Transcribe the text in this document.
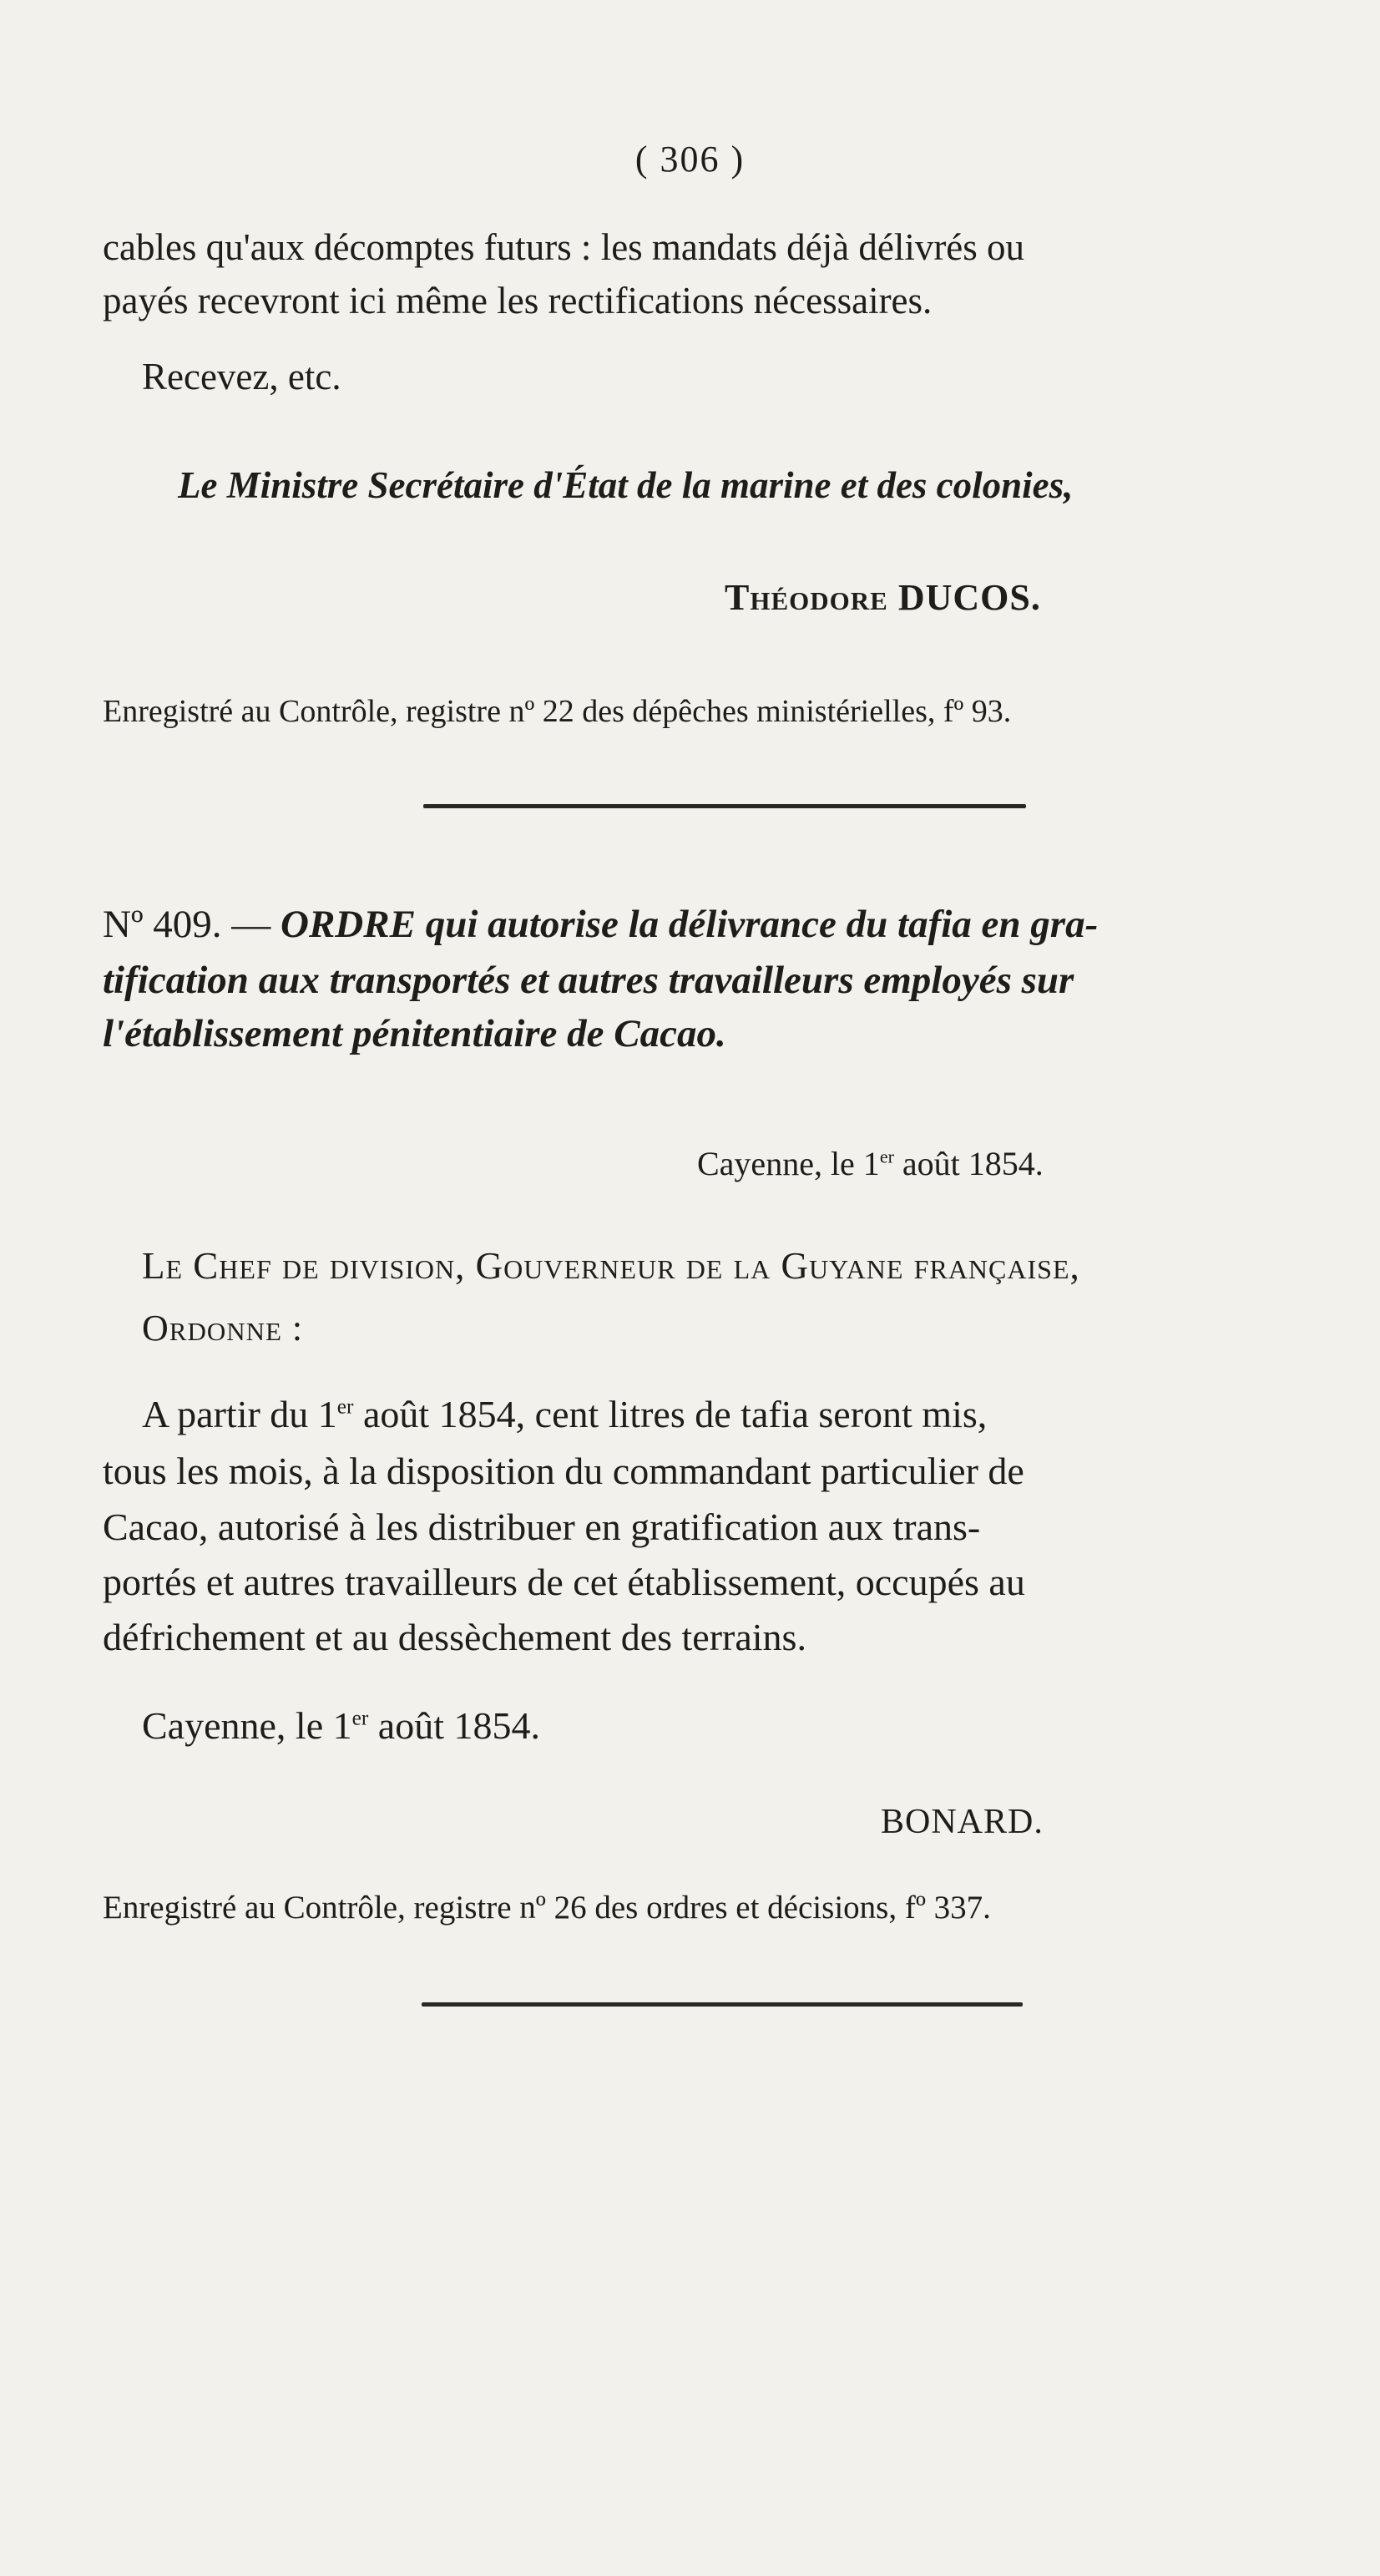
( 306 )
cables qu'aux décomptes futurs : les mandats déjà délivrés ou
payés recevront ici même les rectifications nécessaires.
Recevez, etc.
Le Ministre Secrétaire d'État de la marine et des colonies,
Théodore DUCOS.
Enregistré au Contrôle, registre nº 22 des dépêches ministérielles, fº 93.
Nº 409. — ORDRE qui autorise la délivrance du tafia en gra-
tification aux transportés et autres travailleurs employés sur
l'établissement pénitentiaire de Cacao.
Cayenne, le 1er août 1854.
Le Chef de division, Gouverneur de la Guyane française,
Ordonne :
A partir du 1er août 1854, cent litres de tafia seront mis,
tous les mois, à la disposition du commandant particulier de
Cacao, autorisé à les distribuer en gratification aux trans-
portés et autres travailleurs de cet établissement, occupés au
défrichement et au dessèchement des terrains.
Cayenne, le 1er août 1854.
BONARD.
Enregistré au Contrôle, registre nº 26 des ordres et décisions, fº 337.
